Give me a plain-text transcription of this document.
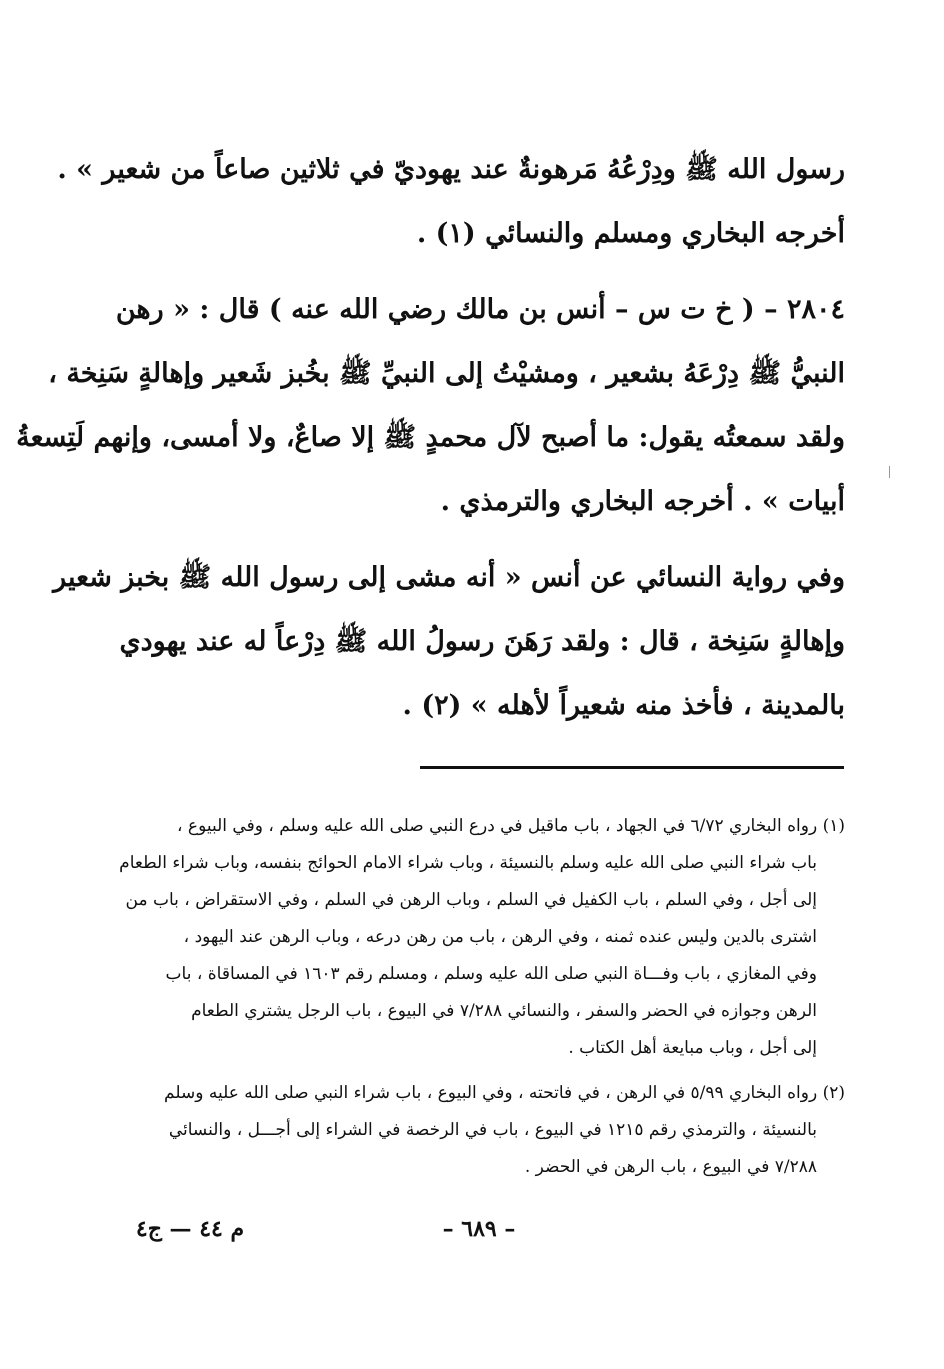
رسول الله ﷺ ودِرْعُهُ مَرهونةٌ عند يهوديّ في ثلاثين صاعاً من شعير » .
أخرجه البخاري ومسلم والنسائي (١) .
٢٨٠٤ – ( خ ت س – أنس بن مالك رضي الله عنه ) قال : « رهن
النبيُّ ﷺ دِرْعَهُ بشعير ، ومشيْتُ إلى النبيِّ ﷺ بخُبز شَعير وإهالةٍ سَنِخة ،
ولقد سمعتُه يقول: ما أصبح لآل محمدٍ ﷺ إلا صاعٌ، ولا أمسى، وإنهم لَتِسعةُ
أبيات » . أخرجه البخاري والترمذي .
وفي رواية النسائي عن أنس « أنه مشى إلى رسول الله ﷺ بخبز شعير
وإهالةٍ سَنِخة ، قال : ولقد رَهَنَ رسولُ الله ﷺ دِرْعاً له عند يهودي
بالمدينة ، فأخذ منه شعيراً لأهله » (٢) .
(١) رواه البخاري ٦/٧٢ في الجهاد ، باب ماقيل في درع النبي صلى الله عليه وسلم ، وفي البيوع ،
باب شراء النبي صلى الله عليه وسلم بالنسيئة ، وباب شراء الامام الحوائج بنفسه، وباب شراء الطعام
إلى أجل ، وفي السلم ، باب الكفيل في السلم ، وباب الرهن في السلم ، وفي الاستقراض ، باب من
اشترى بالدين وليس عنده ثمنه ، وفي الرهن ، باب من رهن درعه ، وباب الرهن عند اليهود ،
وفي المغازي ، باب وفـــاة النبي صلى الله عليه وسلم ، ومسلم رقم ١٦٠٣ في المساقاة ، باب
الرهن وجوازه في الحضر والسفر ، والنسائي ٧/٢٨٨ في البيوع ، باب الرجل يشتري الطعام
إلى أجل ، وباب مبايعة أهل الكتاب .
(٢) رواه البخاري ٥/٩٩ في الرهن ، في فاتحته ، وفي البيوع ، باب شراء النبي صلى الله عليه وسلم
بالنسيئة ، والترمذي رقم ١٢١٥ في البيوع ، باب في الرخصة في الشراء إلى أجـــل ، والنسائي
٧/٢٨٨ في البيوع ، باب الرهن في الحضر .
– ٦٨٩ –
م ٤٤ — ج٤
